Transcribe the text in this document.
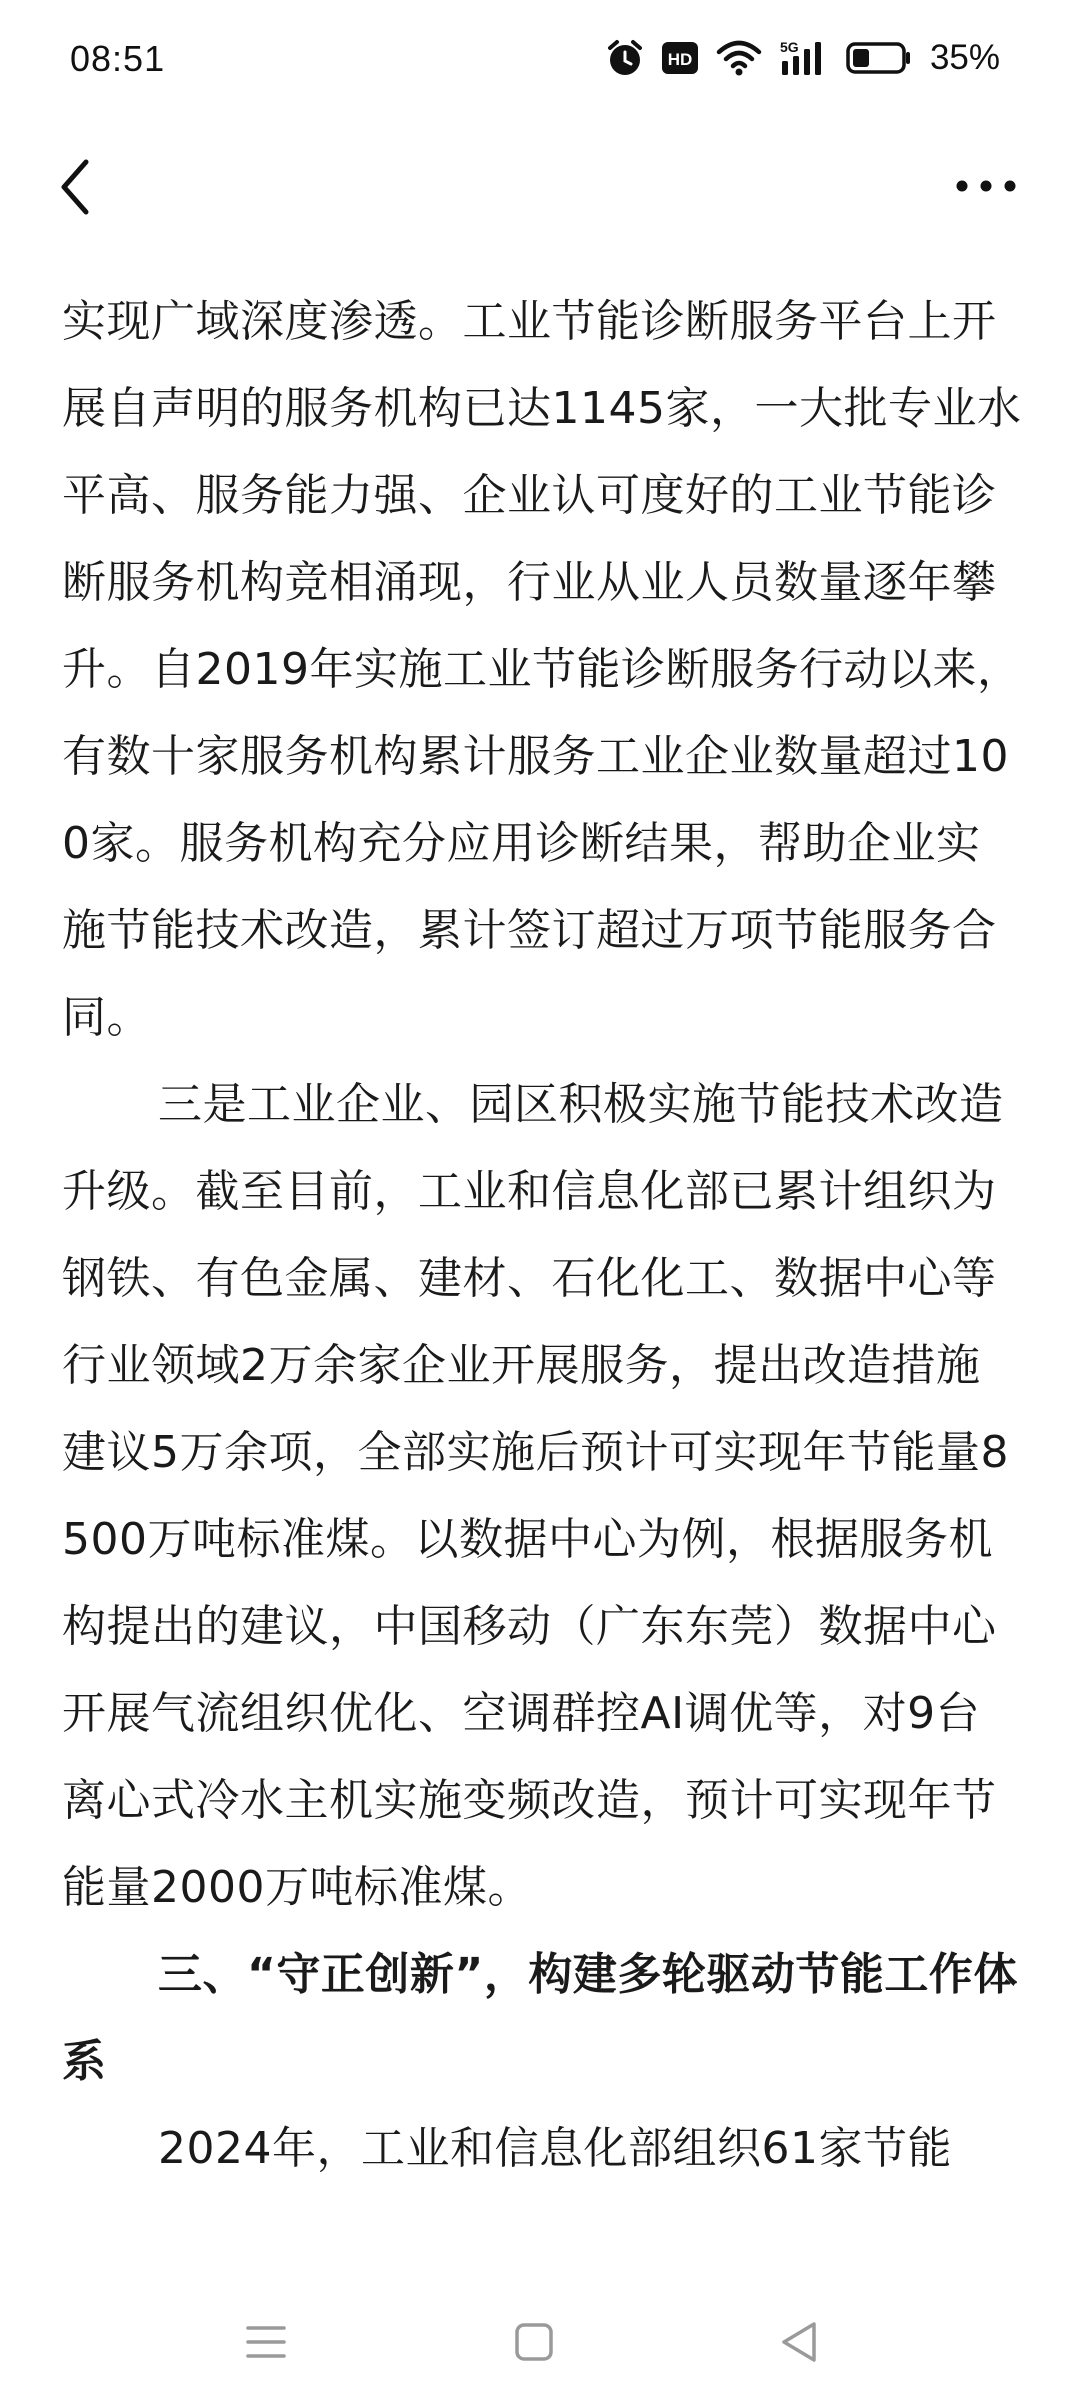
08:51	HD
5G	35%

实现广域深度渗透。工业节能诊断服务平台上开展自声明的服务机构已达1145家，一大批专业水平高、服务能力强、企业认可度好的工业节能诊断服务机构竞相涌现，行业从业人员数量逐年攀升。自2019年实施工业节能诊断服务行动以来，有数十家服务机构累计服务工业企业数量超过100家。服务机构充分应用诊断结果，帮助企业实施节能技术改造，累计签订超过万项节能服务合同。

三是工业企业、园区积极实施节能技术改造升级。截至目前，工业和信息化部已累计组织为钢铁、有色金属、建材、石化化工、数据中心等行业领域2万余家企业开展服务，提出改造措施建议5万余项，全部实施后预计可实现年节能量8500万吨标准煤。以数据中心为例，根据服务机构提出的建议，中国移动（广东东莞）数据中心开展气流组织优化、空调群控AI调优等，对9台离心式冷水主机实施变频改造，预计可实现年节能量2000万吨标准煤。

三、“守正创新”，构建多轮驱动节能工作体系

2024年，工业和信息化部组织61家节能
